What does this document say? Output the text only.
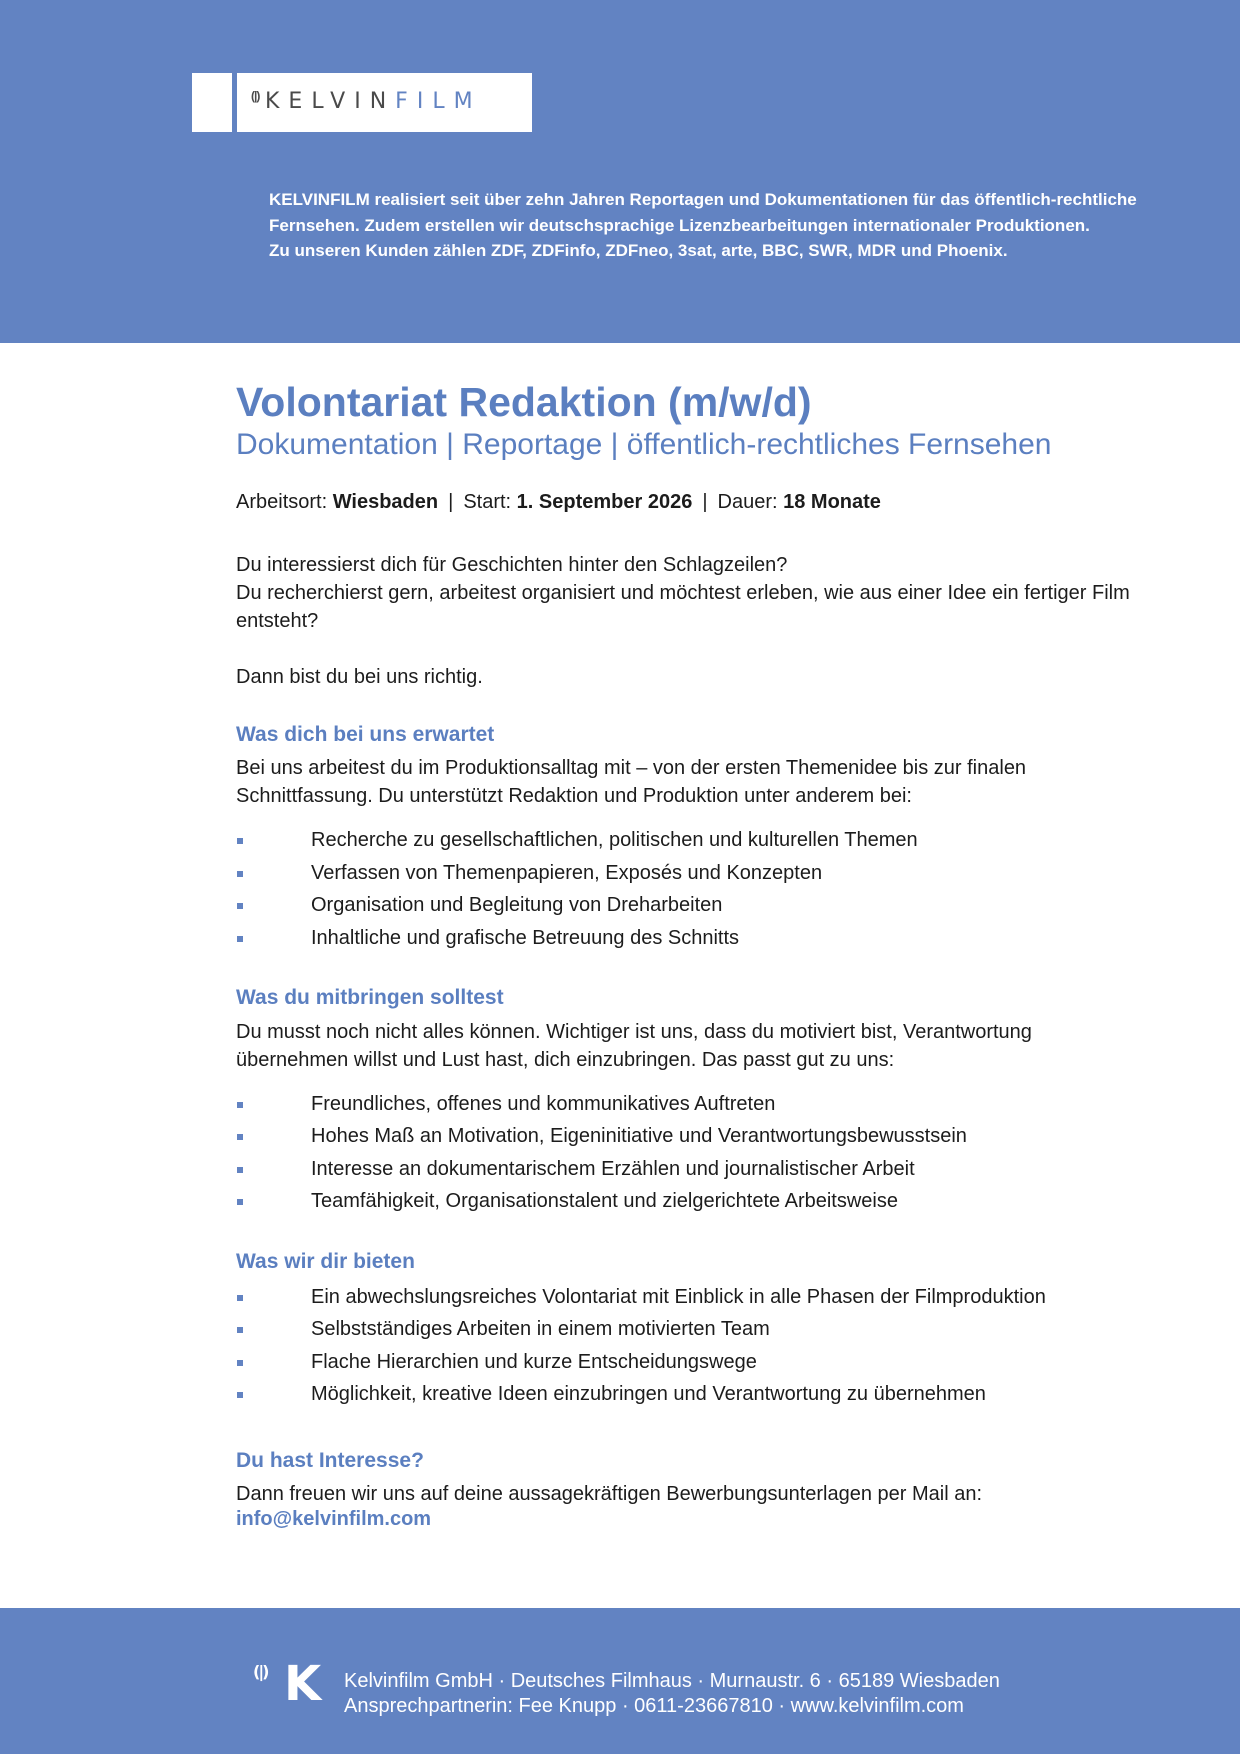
(|) KELVINFILM
KELVINFILM realisiert seit über zehn Jahren Reportagen und Dokumentationen für das öffentlich-rechtliche
Fernsehen. Zudem erstellen wir deutschsprachige Lizenzbearbeitungen internationaler Produktionen.
Zu unseren Kunden zählen ZDF, ZDFinfo, ZDFneo, 3sat, arte, BBC, SWR, MDR und Phoenix.
Volontariat Redaktion (m/w/d)
Dokumentation | Reportage | öffentlich-rechtliches Fernsehen
Arbeitsort: Wiesbaden | Start: 1. September 2026 | Dauer: 18 Monate

Du interessierst dich für Geschichten hinter den Schlagzeilen?

Du recherchierst gern, arbeitest organisiert und möchtest erleben, wie aus einer Idee ein fertiger Film entsteht?

Dann bist du bei uns richtig.

Was dich bei uns erwartet

Bei uns arbeitest du im Produktionsalltag mit – von der ersten Themenidee bis zur finalen Schnittfassung. Du unterstützt Redaktion und Produktion unter anderem bei:

Recherche zu gesellschaftlichen, politischen und kulturellen Themen
Verfassen von Themenpapieren, Exposés und Konzepten
Organisation und Begleitung von Dreharbeiten
Inhaltliche und grafische Betreuung des Schnitts
Was du mitbringen solltest

Du musst noch nicht alles können. Wichtiger ist uns, dass du motiviert bist, Verantwortung übernehmen willst und Lust hast, dich einzubringen. Das passt gut zu uns:

Freundliches, offenes und kommunikatives Auftreten
Hohes Maß an Motivation, Eigeninitiative und Verantwortungsbewusstsein
Interesse an dokumentarischem Erzählen und journalistischer Arbeit
Teamfähigkeit, Organisationstalent und zielgerichtete Arbeitsweise
Was wir dir bieten
Ein abwechslungsreiches Volontariat mit Einblick in alle Phasen der Filmproduktion
Selbstständiges Arbeiten in einem motivierten Team
Flache Hierarchien und kurze Entscheidungswege
Möglichkeit, kreative Ideen einzubringen und Verantwortung zu übernehmen
Du hast Interesse?

Dann freuen wir uns auf deine aussagekräftigen Bewerbungsunterlagen per Mail an:

info@kelvinfilm.com
(|) K Kelvinfilm GmbH · Deutsches Filmhaus · Murnaustr. 6 · 65189 Wiesbaden
Ansprechpartnerin: Fee Knupp · 0611-23667810 · www.kelvinfilm.com
